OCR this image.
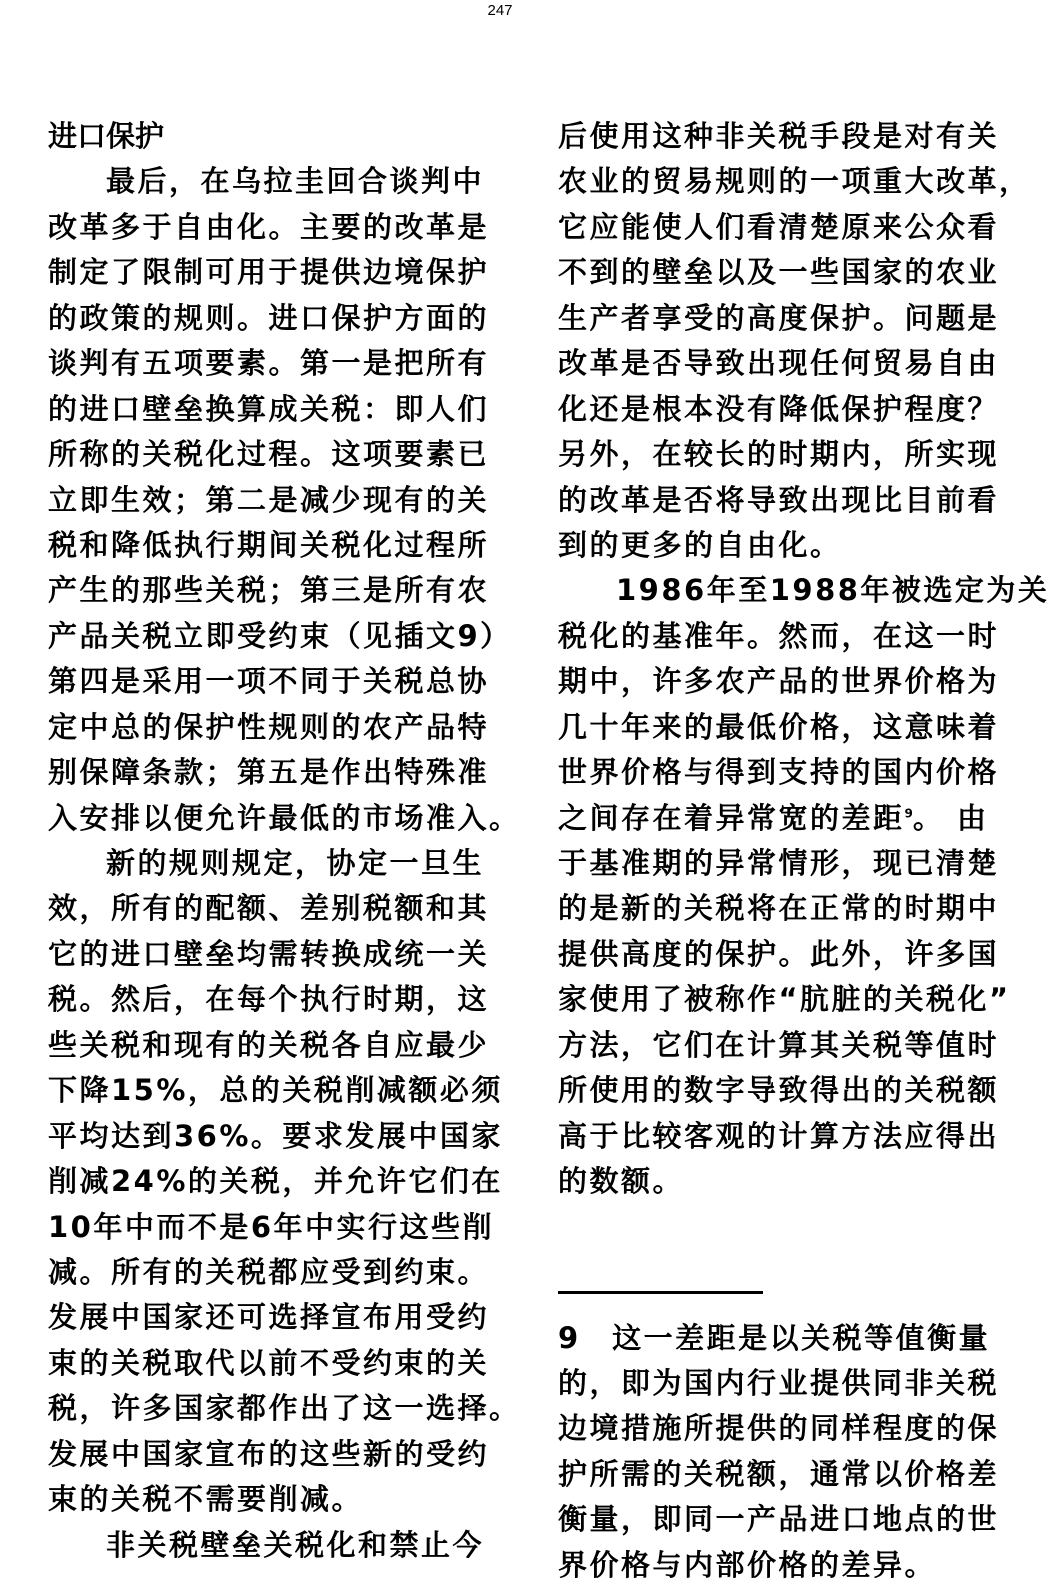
247
进口保护
最后，在乌拉圭回合谈判中
改革多于自由化。主要的改革是
制定了限制可用于提供边境保护
的政策的规则。进口保护方面的
谈判有五项要素。第一是把所有
的进口壁垒换算成关税：即人们
所称的关税化过程。这项要素已
立即生效；第二是减少现有的关
税和降低执行期间关税化过程所
产生的那些关税；第三是所有农
产品关税立即受约束（见插文9）
第四是采用一项不同于关税总协
定中总的保护性规则的农产品特
别保障条款；第五是作出特殊准
入安排以便允许最低的市场准入。
新的规则规定，协定一旦生
效，所有的配额、差别税额和其
它的进口壁垒均需转换成统一关
税。然后，在每个执行时期，这
些关税和现有的关税各自应最少
下降15%，总的关税削减额必须
平均达到36%。要求发展中国家
削减24%的关税，并允许它们在
10年中而不是6年中实行这些削
减。所有的关税都应受到约束。
发展中国家还可选择宣布用受约
束的关税取代以前不受约束的关
税，许多国家都作出了这一选择。
发展中国家宣布的这些新的受约
束的关税不需要削减。
非关税壁垒关税化和禁止今
后使用这种非关税手段是对有关
农业的贸易规则的一项重大改革，
它应能使人们看清楚原来公众看
不到的壁垒以及一些国家的农业
生产者享受的高度保护。问题是
改革是否导致出现任何贸易自由
化还是根本没有降低保护程度？
另外，在较长的时期内，所实现
的改革是否将导致出现比目前看
到的更多的自由化。
1986年至1988年被选定为关
税化的基准年。然而，在这一时
期中，许多农产品的世界价格为
几十年来的最低价格，这意味着
世界价格与得到支持的国内价格
之间存在着异常宽的差距$^9$。 由
于基准期的异常情形，现已清楚
的是新的关税将在正常的时期中
提供高度的保护。此外，许多国
家使用了被称作“肮脏的关税化”
方法，它们在计算其关税等值时
所使用的数字导致得出的关税额
高于比较客观的计算方法应得出
的数额。
9　这一差距是以关税等值衡量
的，即为国内行业提供同非关税
边境措施所提供的同样程度的保
护所需的关税额，通常以价格差
衡量，即同一产品进口地点的世
界价格与内部价格的差异。
